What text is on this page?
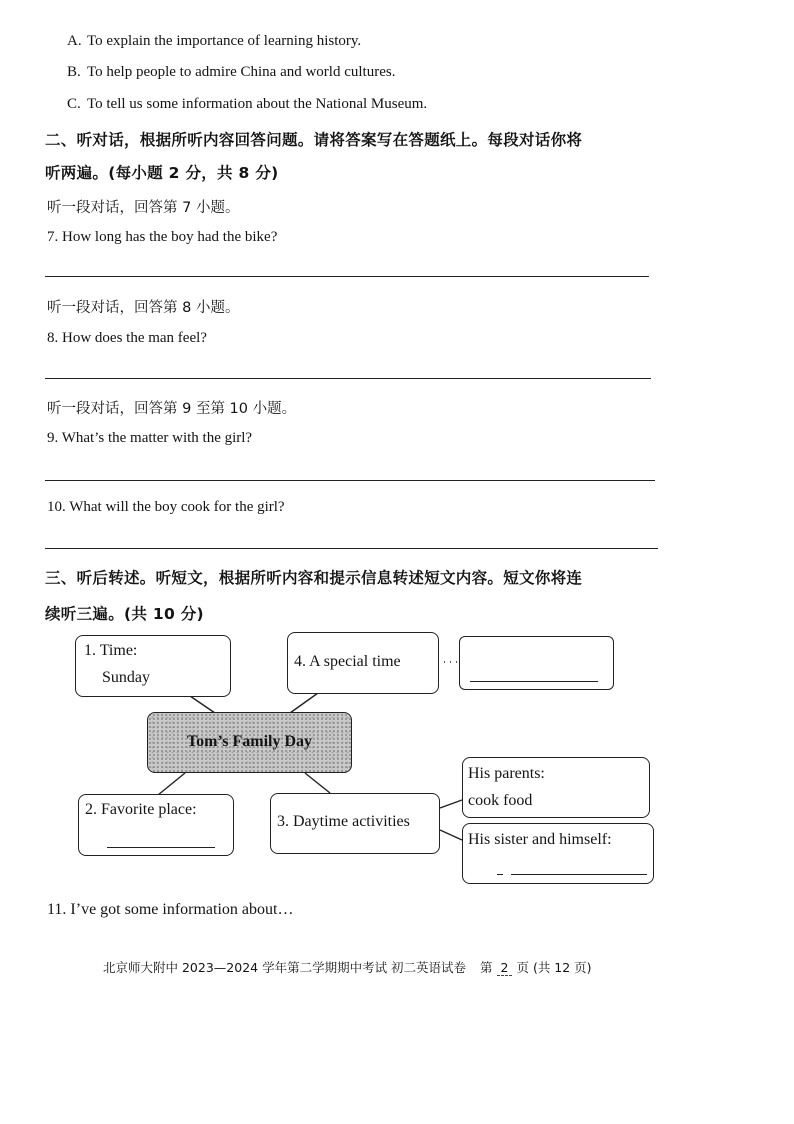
A. To explain the importance of learning history.
B. To help people to admire China and world cultures.
C. To tell us some information about the National Museum.
二、听对话，根据所听内容回答问题。请将答案写在答题纸上。每段对话你将
听两遍。(每小题 2 分，共 8 分)
听一段对话，回答第 7 小题。
7. How long has the boy had the bike?
听一段对话，回答第 8 小题。
8. How does the man feel?
听一段对话，回答第 9 至第 10 小题。
9. What’s the matter with the girl?
10. What will the boy cook for the girl?
三、听后转述。听短文，根据所听内容和提示信息转述短文内容。短文你将连
续听三遍。(共 10 分)
1. Time:
Sunday
4. A special time
Tom’s Family Day
2. Favorite place:
3. Daytime activities
His parents:
cook food
His sister and himself:
11. I’ve got some information about…
北京师大附中 2023—2024 学年第二学期期中考试 初二英语试卷 第 2 页 (共 12 页)
